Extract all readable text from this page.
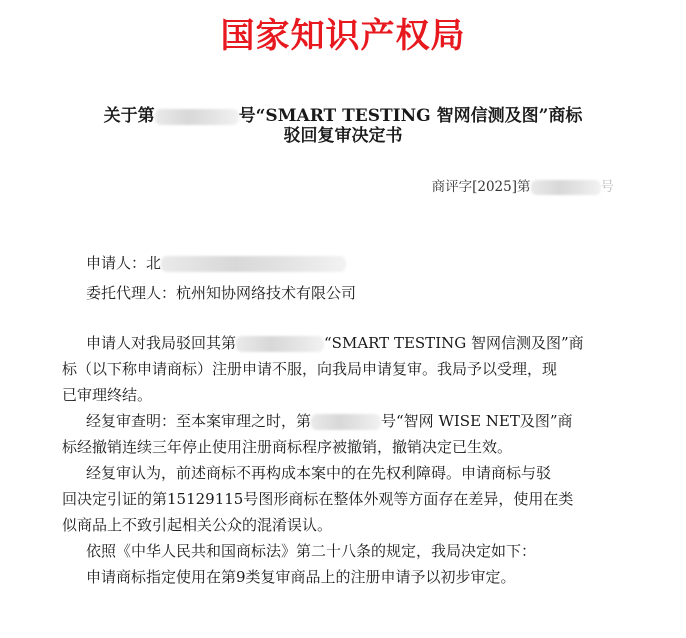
国家知识产权局
关于第	号“SMART TESTING 智网信测及图”商标
驳回复审决定书
商评字[2025]第	号
申请人：北
委托代理人：杭州知协网络技术有限公司
申请人对我局驳回其第	“SMART TESTING 智网信测及图”商
标（以下称申请商标）注册申请不服，向我局申请复审。我局予以受理，现
已审理终结。
经复审查明：至本案审理之时，第	号“智网 WISE NET及图”商
标经撤销连续三年停止使用注册商标程序被撤销，撤销决定已生效。
经复审认为，前述商标不再构成本案中的在先权利障碍。申请商标与驳
回决定引证的第15129115号图形商标在整体外观等方面存在差异，使用在类
似商品上不致引起相关公众的混淆误认。
依照《中华人民共和国商标法》第二十八条的规定，我局决定如下：
申请商标指定使用在第9类复审商品上的注册申请予以初步审定。
